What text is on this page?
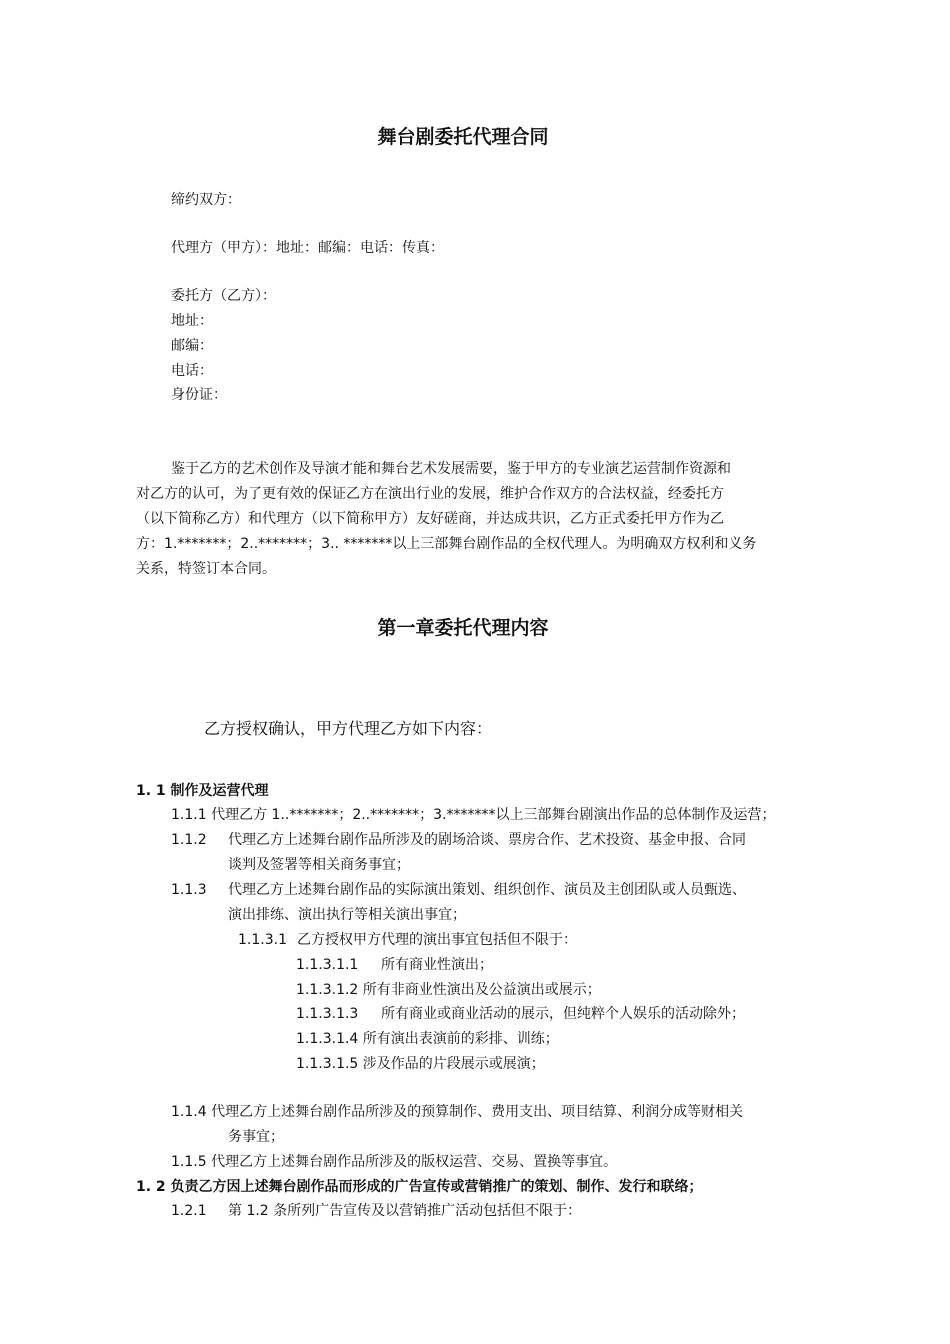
舞台剧委托代理合同
缔约双方：
代理方（甲方）：地址：邮编：电话：传真：
委托方（乙方）：
地址：
邮编：
电话：
身份证：
鉴于乙方的艺术创作及导演才能和舞台艺术发展需要，鉴于甲方的专业演艺运营制作资源和
对乙方的认可，为了更有效的保证乙方在演出行业的发展，维护合作双方的合法权益，经委托方
（以下简称乙方）和代理方（以下简称甲方）友好磋商，并达成共识，乙方正式委托甲方作为乙
方：1.*******；2..*******；3.. *******以上三部舞台剧作品的全权代理人。为明确双方权利和义务
关系，特签订本合同。
第一章委托代理内容
乙方授权确认，甲方代理乙方如下内容：
1. 1 制作及运营代理
1.1.1 代理乙方 1..*******；2..*******；3.*******以上三部舞台剧演出作品的总体制作及运营；
1.1.2 代理乙方上述舞台剧作品所涉及的剧场洽谈、票房合作、艺术投资、基金申报、合同
谈判及签署等相关商务事宜；
1.1.3 代理乙方上述舞台剧作品的实际演出策划、组织创作、演员及主创团队或人员甄选、
演出排练、演出执行等相关演出事宜；
1.1.3.1 乙方授权甲方代理的演出事宜包括但不限于：
1.1.3.1.1 所有商业性演出；
1.1.3.1.2 所有非商业性演出及公益演出或展示；
1.1.3.1.3 所有商业或商业活动的展示，但纯粹个人娱乐的活动除外；
1.1.3.1.4 所有演出表演前的彩排、训练；
1.1.3.1.5 涉及作品的片段展示或展演；
1.1.4 代理乙方上述舞台剧作品所涉及的预算制作、费用支出、项目结算、利润分成等财相关
务事宜；
1.1.5 代理乙方上述舞台剧作品所涉及的版权运营、交易、置换等事宜。
1. 2 负责乙方因上述舞台剧作品而形成的广告宣传或营销推广的策划、制作、发行和联络；
1.2.1 第 1.2 条所列广告宣传及以营销推广活动包括但不限于：
